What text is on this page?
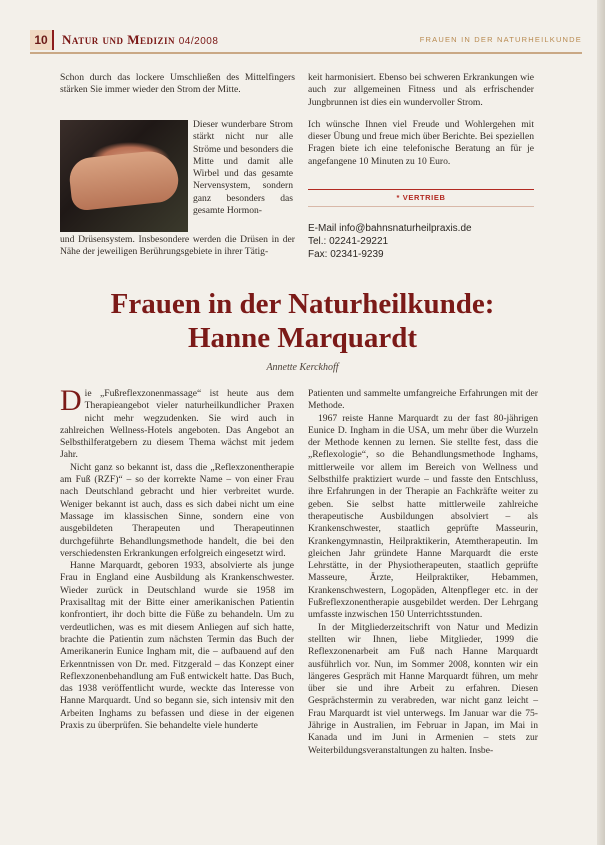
10	Natur und Medizin 04/2008	FRAUEN IN DER NATURHEILKUNDE
Schon durch das lockere Umschließen des Mittelfingers stärken Sie immer wieder den Strom der Mitte.
Dieser wunderbare Strom stärkt nicht nur alle Ströme und besonders die Mitte und damit alle Wirbel und das gesamte Nervensystem, sondern ganz besonders das gesamte Hormon-
und Drüsensystem. Insbesondere werden die Drüsen in der Nähe der jeweiligen Berührungsgebiete in ihrer Tätig-
keit harmonisiert. Ebenso bei schweren Erkrankungen wie auch zur allgemeinen Fitness und als erfrischender Jungbrunnen ist dies ein wundervoller Strom.
Ich wünsche Ihnen viel Freude und Wohlergehen mit dieser Übung und freue mich über Berichte. Bei speziellen Fragen biete ich eine telefonische Beratung an für je angefangene 10 Minuten zu 10 Euro.
* VERTRIEB
E-Mail info@bahnsnaturheilpraxis.de
Tel.: 02241-29221
Fax: 02341-9239
Frauen in der Naturheilkunde:
Hanne Marquardt
Annette Kerckhoff

Die „Fußreflexzonenmassage“ ist heute aus dem Therapieangebot vieler naturheilkundlicher Praxen nicht mehr wegzudenken. Sie wird auch in zahlreichen Wellness-Hotels angeboten. Das Angebot an Selbsthilferatgebern zu diesem Thema wächst mit jedem Jahr.

Nicht ganz so bekannt ist, dass die „Reflexzonentherapie am Fuß (RZF)“ – so der korrekte Name – von einer Frau nach Deutschland gebracht und hier verbreitet wurde. Weniger bekannt ist auch, dass es sich dabei nicht um eine Massage im klassischen Sinne, sondern eine von ausgebildeten Therapeuten und Therapeutinnen durchgeführte Behandlungsmethode handelt, die bei den verschiedensten Erkrankungen erfolgreich eingesetzt wird.

Hanne Marquardt, geboren 1933, absolvierte als junge Frau in England eine Ausbildung als Krankenschwester. Wieder zurück in Deutschland wurde sie 1958 im Praxisalltag mit der Bitte einer amerikanischen Patientin konfrontiert, ihr doch bitte die Füße zu behandeln. Um zu verdeutlichen, was es mit diesem Anliegen auf sich hatte, brachte die Patientin zum nächsten Termin das Buch der Amerikanerin Eunice Ingham mit, die – aufbauend auf den Erkenntnissen von Dr. med. Fitzgerald – das Konzept einer Reflexzonenbehandlung am Fuß entwickelt hatte. Das Buch, das 1938 veröffentlicht wurde, weckte das Interesse von Hanne Marquardt. Und so begann sie, sich intensiv mit den Arbeiten Inghams zu befassen und diese in der eigenen Praxis zu überprüfen. Sie behandelte viele hunderte

Patienten und sammelte umfangreiche Erfahrungen mit der Methode.

1967 reiste Hanne Marquardt zu der fast 80-jährigen Eunice D. Ingham in die USA, um mehr über die Wurzeln der Methode kennen zu lernen. Sie stellte fest, dass die „Reflexologie“, so die Behandlungsmethode Inghams, mittlerweile vor allem im Bereich von Wellness und Selbsthilfe praktiziert wurde – und fasste den Entschluss, ihre Erfahrungen in der Therapie an Fachkräfte weiter zu geben. Sie selbst hatte mittlerweile zahlreiche therapeutische Ausbildungen absolviert – als Krankenschwester, staatlich geprüfte Masseurin, Krankengymnastin, Heilpraktikerin, Atemtherapeutin. Im gleichen Jahr gründete Hanne Marquardt die erste Lehrstätte, in der Physiotherapeuten, staatlich geprüfte Masseure, Ärzte, Heilpraktiker, Hebammen, Krankenschwestern, Logopäden, Altenpfleger etc. in der Fußreflexzonentherapie ausgebildet werden. Der Lehrgang umfasste inzwischen 150 Unterrichtsstunden.

In der Mitgliederzeitschrift von Natur und Medizin stellten wir Ihnen, liebe Mitglieder, 1999 die Reflexzonenarbeit am Fuß nach Hanne Marquardt ausführlich vor. Nun, im Sommer 2008, konnten wir ein längeres Gespräch mit Hanne Marquardt führen, um mehr über sie und ihre Arbeit zu erfahren. Diesen Gesprächstermin zu verabreden, war nicht ganz leicht – Frau Marquardt ist viel unterwegs. Im Januar war die 75-Jährige in Australien, im Februar in Japan, im Mai in Kanada und im Juni in Armenien – stets zur Weiterbildungsveranstaltungen zu halten. Insbe-
